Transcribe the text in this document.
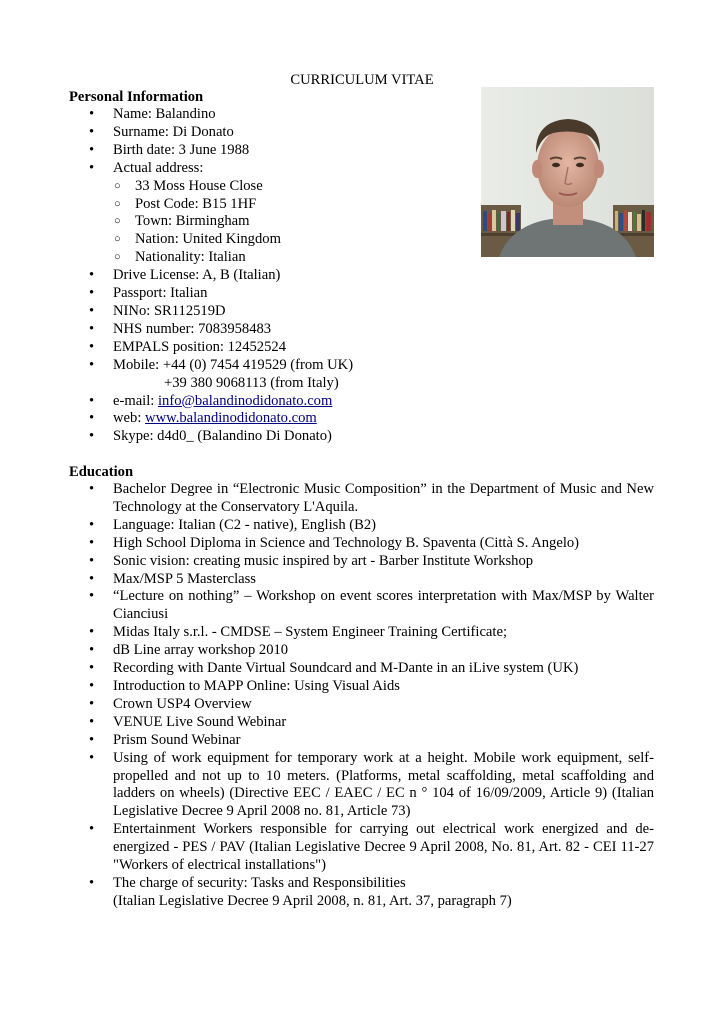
CURRICULUM VITAE
Personal Information
•	Name: Balandino
•	Surname: Di Donato
•	Birth date: 3 June 1988
•	Actual address:
○ 33 Moss House Close
○ Post Code: B15 1HF
○ Town: Birmingham
○ Nation: United Kingdom
○ Nationality: Italian
•	Drive License: A, B (Italian)
•	Passport: Italian
•	NINo: SR112519D
•	NHS number: 7083958483
•	EMPALS position: 12452524
•	Mobile: +44 (0) 7454 419529 (from UK)
+39 380 9068113 (from Italy)
•	e-mail: info@balandinodidonato.com
•	web: www.balandinodidonato.com
•	Skype: d4d0_ (Balandino Di Donato)
Education
•	Bachelor Degree in “Electronic Music Composition” in the Department of Music and New Technology at the Conservatory L'Aquila.
•	Language: Italian (C2 - native), English (B2)
•	High School Diploma in Science and Technology B. Spaventa (Città S. Angelo)
•	Sonic vision: creating music inspired by art - Barber Institute Workshop
•	Max/MSP 5 Masterclass
•	“Lecture on nothing” – Workshop on event scores interpretation with Max/MSP by Walter Cianciusi
•	Midas Italy s.r.l. - CMDSE – System Engineer Training Certificate;
•	dB Line array workshop 2010
•	Recording with Dante Virtual Soundcard and M-Dante in an iLive system (UK)
•	Introduction to MAPP Online: Using Visual Aids
•	Crown USP4 Overview
•	VENUE Live Sound Webinar
•	Prism Sound Webinar
•	Using of work equipment for temporary work at a height. Mobile work equipment, self-propelled and not up to 10 meters. (Platforms, metal scaffolding, metal scaffolding and ladders on wheels) (Directive EEC / EAEC / EC n ° 104 of 16/09/2009, Article 9) (Italian Legislative Decree 9 April 2008 no. 81, Article 73)
•	Entertainment Workers responsible for carrying out electrical work energized and de-energized - PES / PAV (Italian Legislative Decree 9 April 2008, No. 81, Art. 82 - CEI 11-27 "Workers of electrical installations")
•	The charge of security: Tasks and Responsibilities
(Italian Legislative Decree 9 April 2008, n. 81, Art. 37, paragraph 7)
